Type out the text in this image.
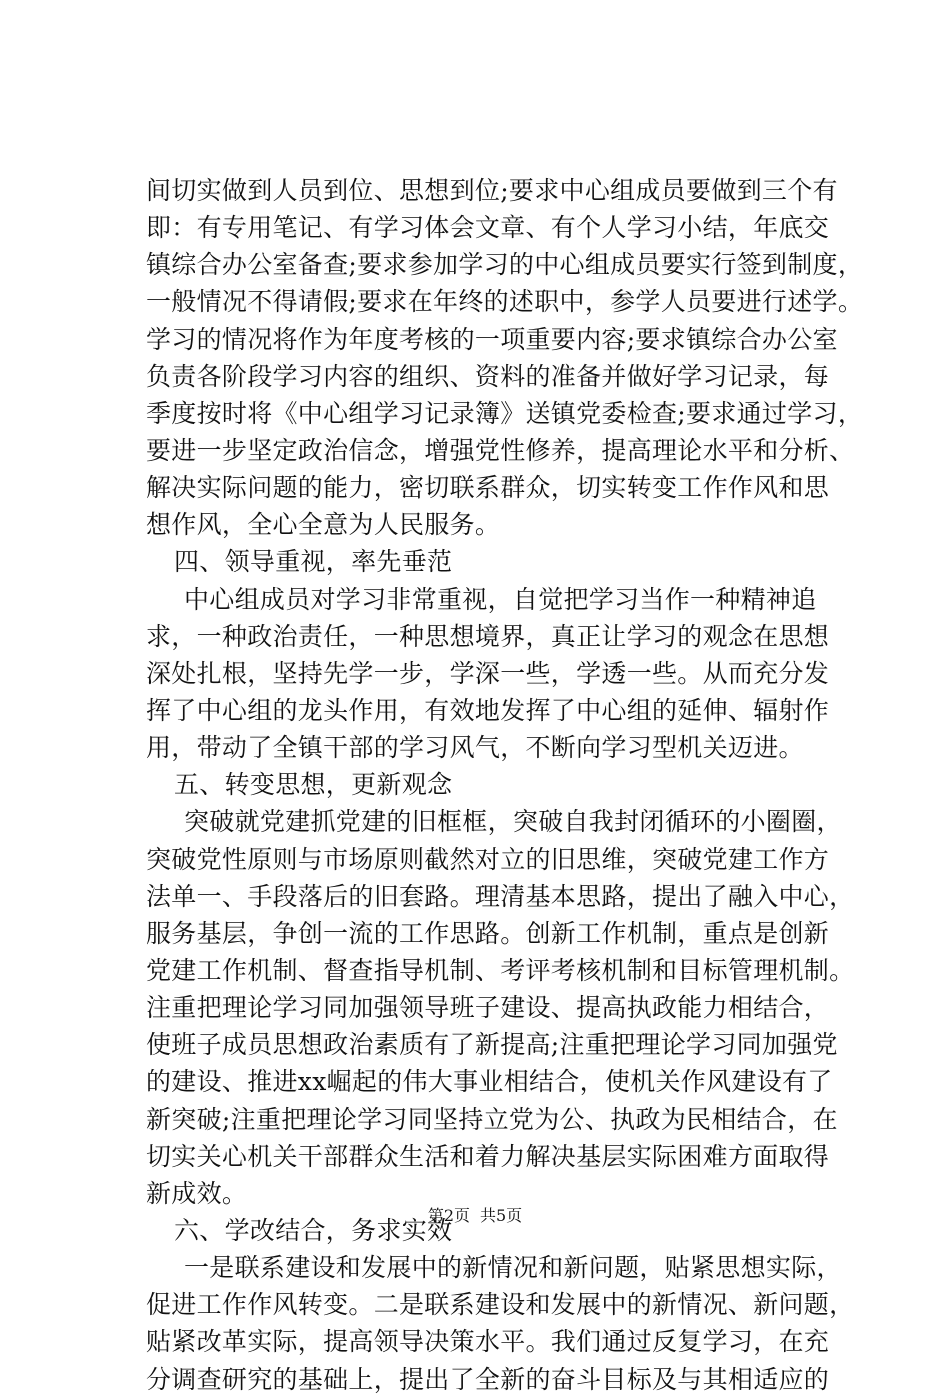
间切实做到人员到位、思想到位;要求中心组成员要做到三个有
即：有专用笔记、有学习体会文章、有个人学习小结，年底交
镇综合办公室备查;要求参加学习的中心组成员要实行签到制度，
一般情况不得请假;要求在年终的述职中，参学人员要进行述学。
学习的情况将作为年度考核的一项重要内容;要求镇综合办公室
负责各阶段学习内容的组织、资料的准备并做好学习记录，每
季度按时将《中心组学习记录簿》送镇党委检查;要求通过学习，
要进一步坚定政治信念，增强党性修养，提高理论水平和分析、
解决实际问题的能力，密切联系群众，切实转变工作作风和思
想作风，全心全意为人民服务。
四、领导重视，率先垂范
中心组成员对学习非常重视，自觉把学习当作一种精神追
求，一种政治责任，一种思想境界，真正让学习的观念在思想
深处扎根，坚持先学一步，学深一些，学透一些。从而充分发
挥了中心组的龙头作用，有效地发挥了中心组的延伸、辐射作
用，带动了全镇干部的学习风气，不断向学习型机关迈进。
五、转变思想，更新观念
突破就党建抓党建的旧框框，突破自我封闭循环的小圈圈，
突破党性原则与市场原则截然对立的旧思维，突破党建工作方
法单一、手段落后的旧套路。理清基本思路，提出了融入中心，
服务基层，争创一流的工作思路。创新工作机制，重点是创新
党建工作机制、督查指导机制、考评考核机制和目标管理机制。
注重把理论学习同加强领导班子建设、提高执政能力相结合，
使班子成员思想政治素质有了新提高;注重把理论学习同加强党
的建设、推进xx崛起的伟大事业相结合，使机关作风建设有了
新突破;注重把理论学习同坚持立党为公、执政为民相结合，在
切实关心机关干部群众生活和着力解决基层实际困难方面取得
新成效。
六、学改结合，务求实效
一是联系建设和发展中的新情况和新问题，贴紧思想实际，
促进工作作风转变。二是联系建设和发展中的新情况、新问题，
贴紧改革实际，提高领导决策水平。我们通过反复学习，在充
分调查研究的基础上，提出了全新的奋斗目标及与其相适应的
第2页 共5页
